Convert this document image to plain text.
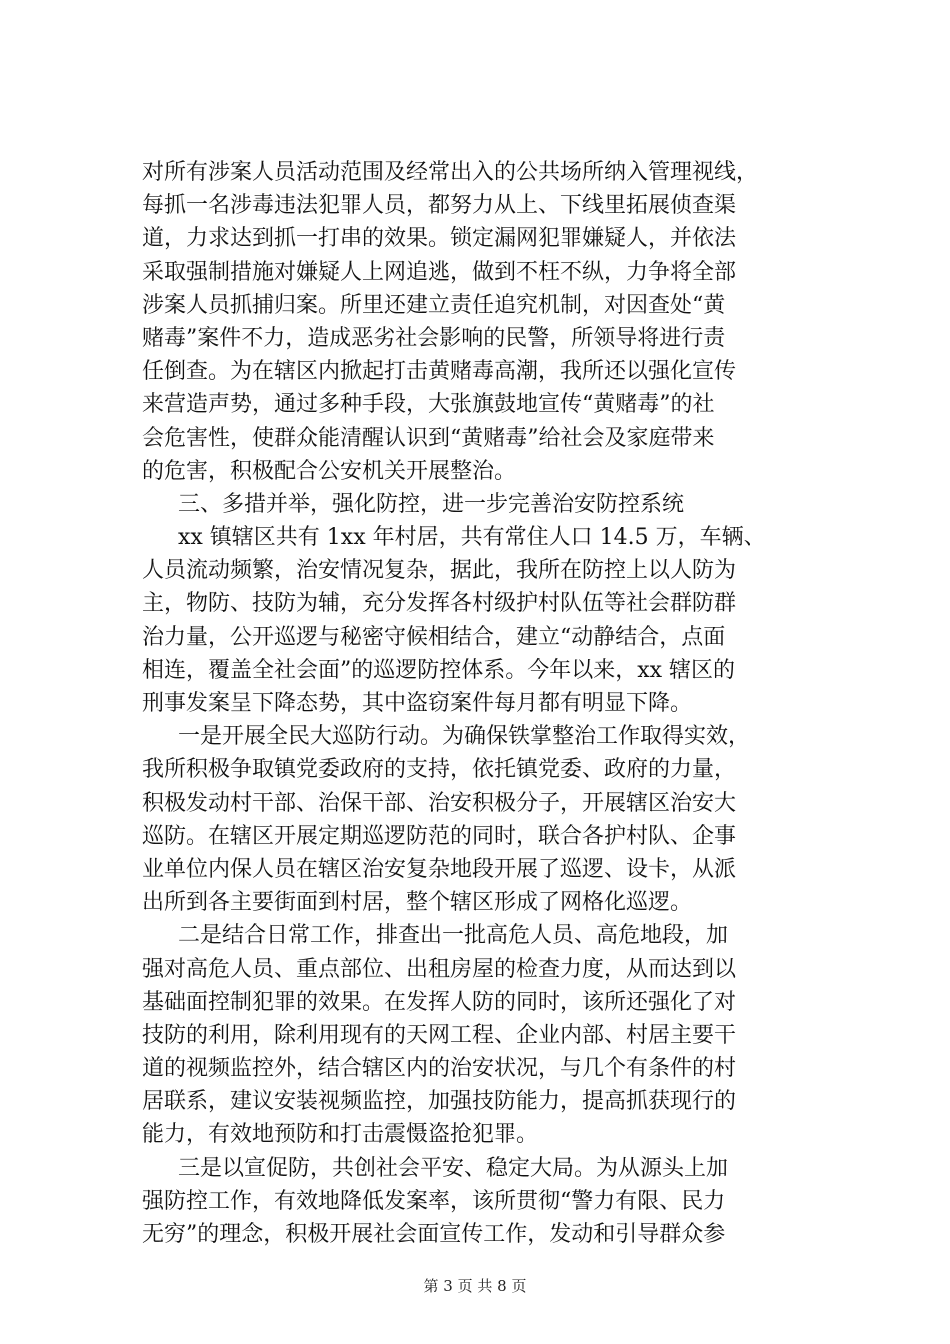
对所有涉案人员活动范围及经常出入的公共场所纳入管理视线，
每抓一名涉毒违法犯罪人员，都努力从上、下线里拓展侦查渠
道，力求达到抓一打串的效果。锁定漏网犯罪嫌疑人，并依法
采取强制措施对嫌疑人上网追逃，做到不枉不纵，力争将全部
涉案人员抓捕归案。所里还建立责任追究机制，对因查处“黄
赌毒”案件不力，造成恶劣社会影响的民警，所领导将进行责
任倒查。为在辖区内掀起打击黄赌毒高潮，我所还以强化宣传
来营造声势，通过多种手段，大张旗鼓地宣传“黄赌毒”的社
会危害性，使群众能清醒认识到“黄赌毒”给社会及家庭带来
的危害，积极配合公安机关开展整治。
三、多措并举，强化防控，进一步完善治安防控系统
xx 镇辖区共有 1xx 年村居，共有常住人口 14.5 万，车辆、
人员流动频繁，治安情况复杂，据此，我所在防控上以人防为
主，物防、技防为辅，充分发挥各村级护村队伍等社会群防群
治力量，公开巡逻与秘密守候相结合，建立“动静结合，点面
相连，覆盖全社会面”的巡逻防控体系。今年以来，xx 辖区的
刑事发案呈下降态势，其中盗窃案件每月都有明显下降。
一是开展全民大巡防行动。为确保铁掌整治工作取得实效，
我所积极争取镇党委政府的支持，依托镇党委、政府的力量，
积极发动村干部、治保干部、治安积极分子，开展辖区治安大
巡防。在辖区开展定期巡逻防范的同时，联合各护村队、企事
业单位内保人员在辖区治安复杂地段开展了巡逻、设卡，从派
出所到各主要街面到村居，整个辖区形成了网格化巡逻。
二是结合日常工作，排查出一批高危人员、高危地段，加
强对高危人员、重点部位、出租房屋的检查力度，从而达到以
基础面控制犯罪的效果。在发挥人防的同时，该所还强化了对
技防的利用，除利用现有的天网工程、企业内部、村居主要干
道的视频监控外，结合辖区内的治安状况，与几个有条件的村
居联系，建议安装视频监控，加强技防能力，提高抓获现行的
能力，有效地预防和打击震慑盗抢犯罪。
三是以宣促防，共创社会平安、稳定大局。为从源头上加
强防控工作，有效地降低发案率，该所贯彻“警力有限、民力
无穷”的理念，积极开展社会面宣传工作，发动和引导群众参
第 3 页 共 8 页
